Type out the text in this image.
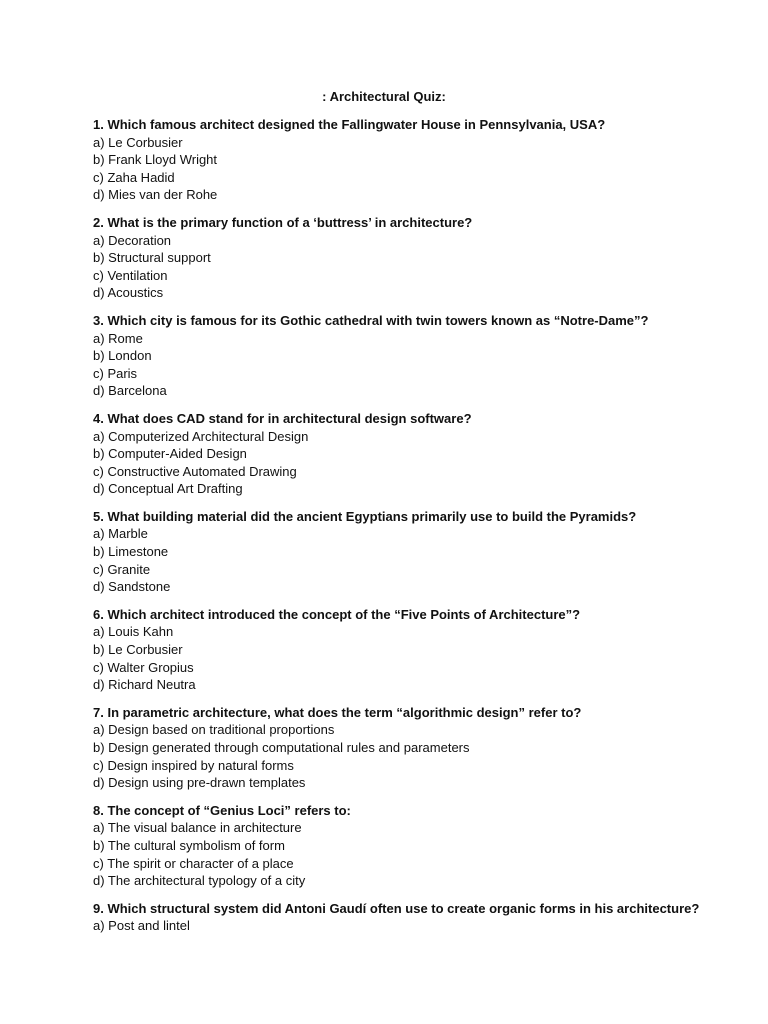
: Architectural Quiz:

1. Which famous architect designed the Fallingwater House in Pennsylvania, USA?

a) Le Corbusier

b) Frank Lloyd Wright

c) Zaha Hadid

d) Mies van der Rohe

2. What is the primary function of a ‘buttress’ in architecture?

a) Decoration

b) Structural support

c) Ventilation

d) Acoustics

3. Which city is famous for its Gothic cathedral with twin towers known as “Notre-Dame”?

a) Rome

b) London

c) Paris

d) Barcelona

4. What does CAD stand for in architectural design software?

a) Computerized Architectural Design

b) Computer-Aided Design

c) Constructive Automated Drawing

d) Conceptual Art Drafting

5. What building material did the ancient Egyptians primarily use to build the Pyramids?

a) Marble

b) Limestone

c) Granite

d) Sandstone

6. Which architect introduced the concept of the “Five Points of Architecture”?

a) Louis Kahn

b) Le Corbusier

c) Walter Gropius

d) Richard Neutra

7. In parametric architecture, what does the term “algorithmic design” refer to?

a) Design based on traditional proportions

b) Design generated through computational rules and parameters

c) Design inspired by natural forms

d) Design using pre-drawn templates

8. The concept of “Genius Loci” refers to:

a) The visual balance in architecture

b) The cultural symbolism of form

c) The spirit or character of a place

d) The architectural typology of a city

9. Which structural system did Antoni Gaudí often use to create organic forms in his architecture?

a) Post and lintel
